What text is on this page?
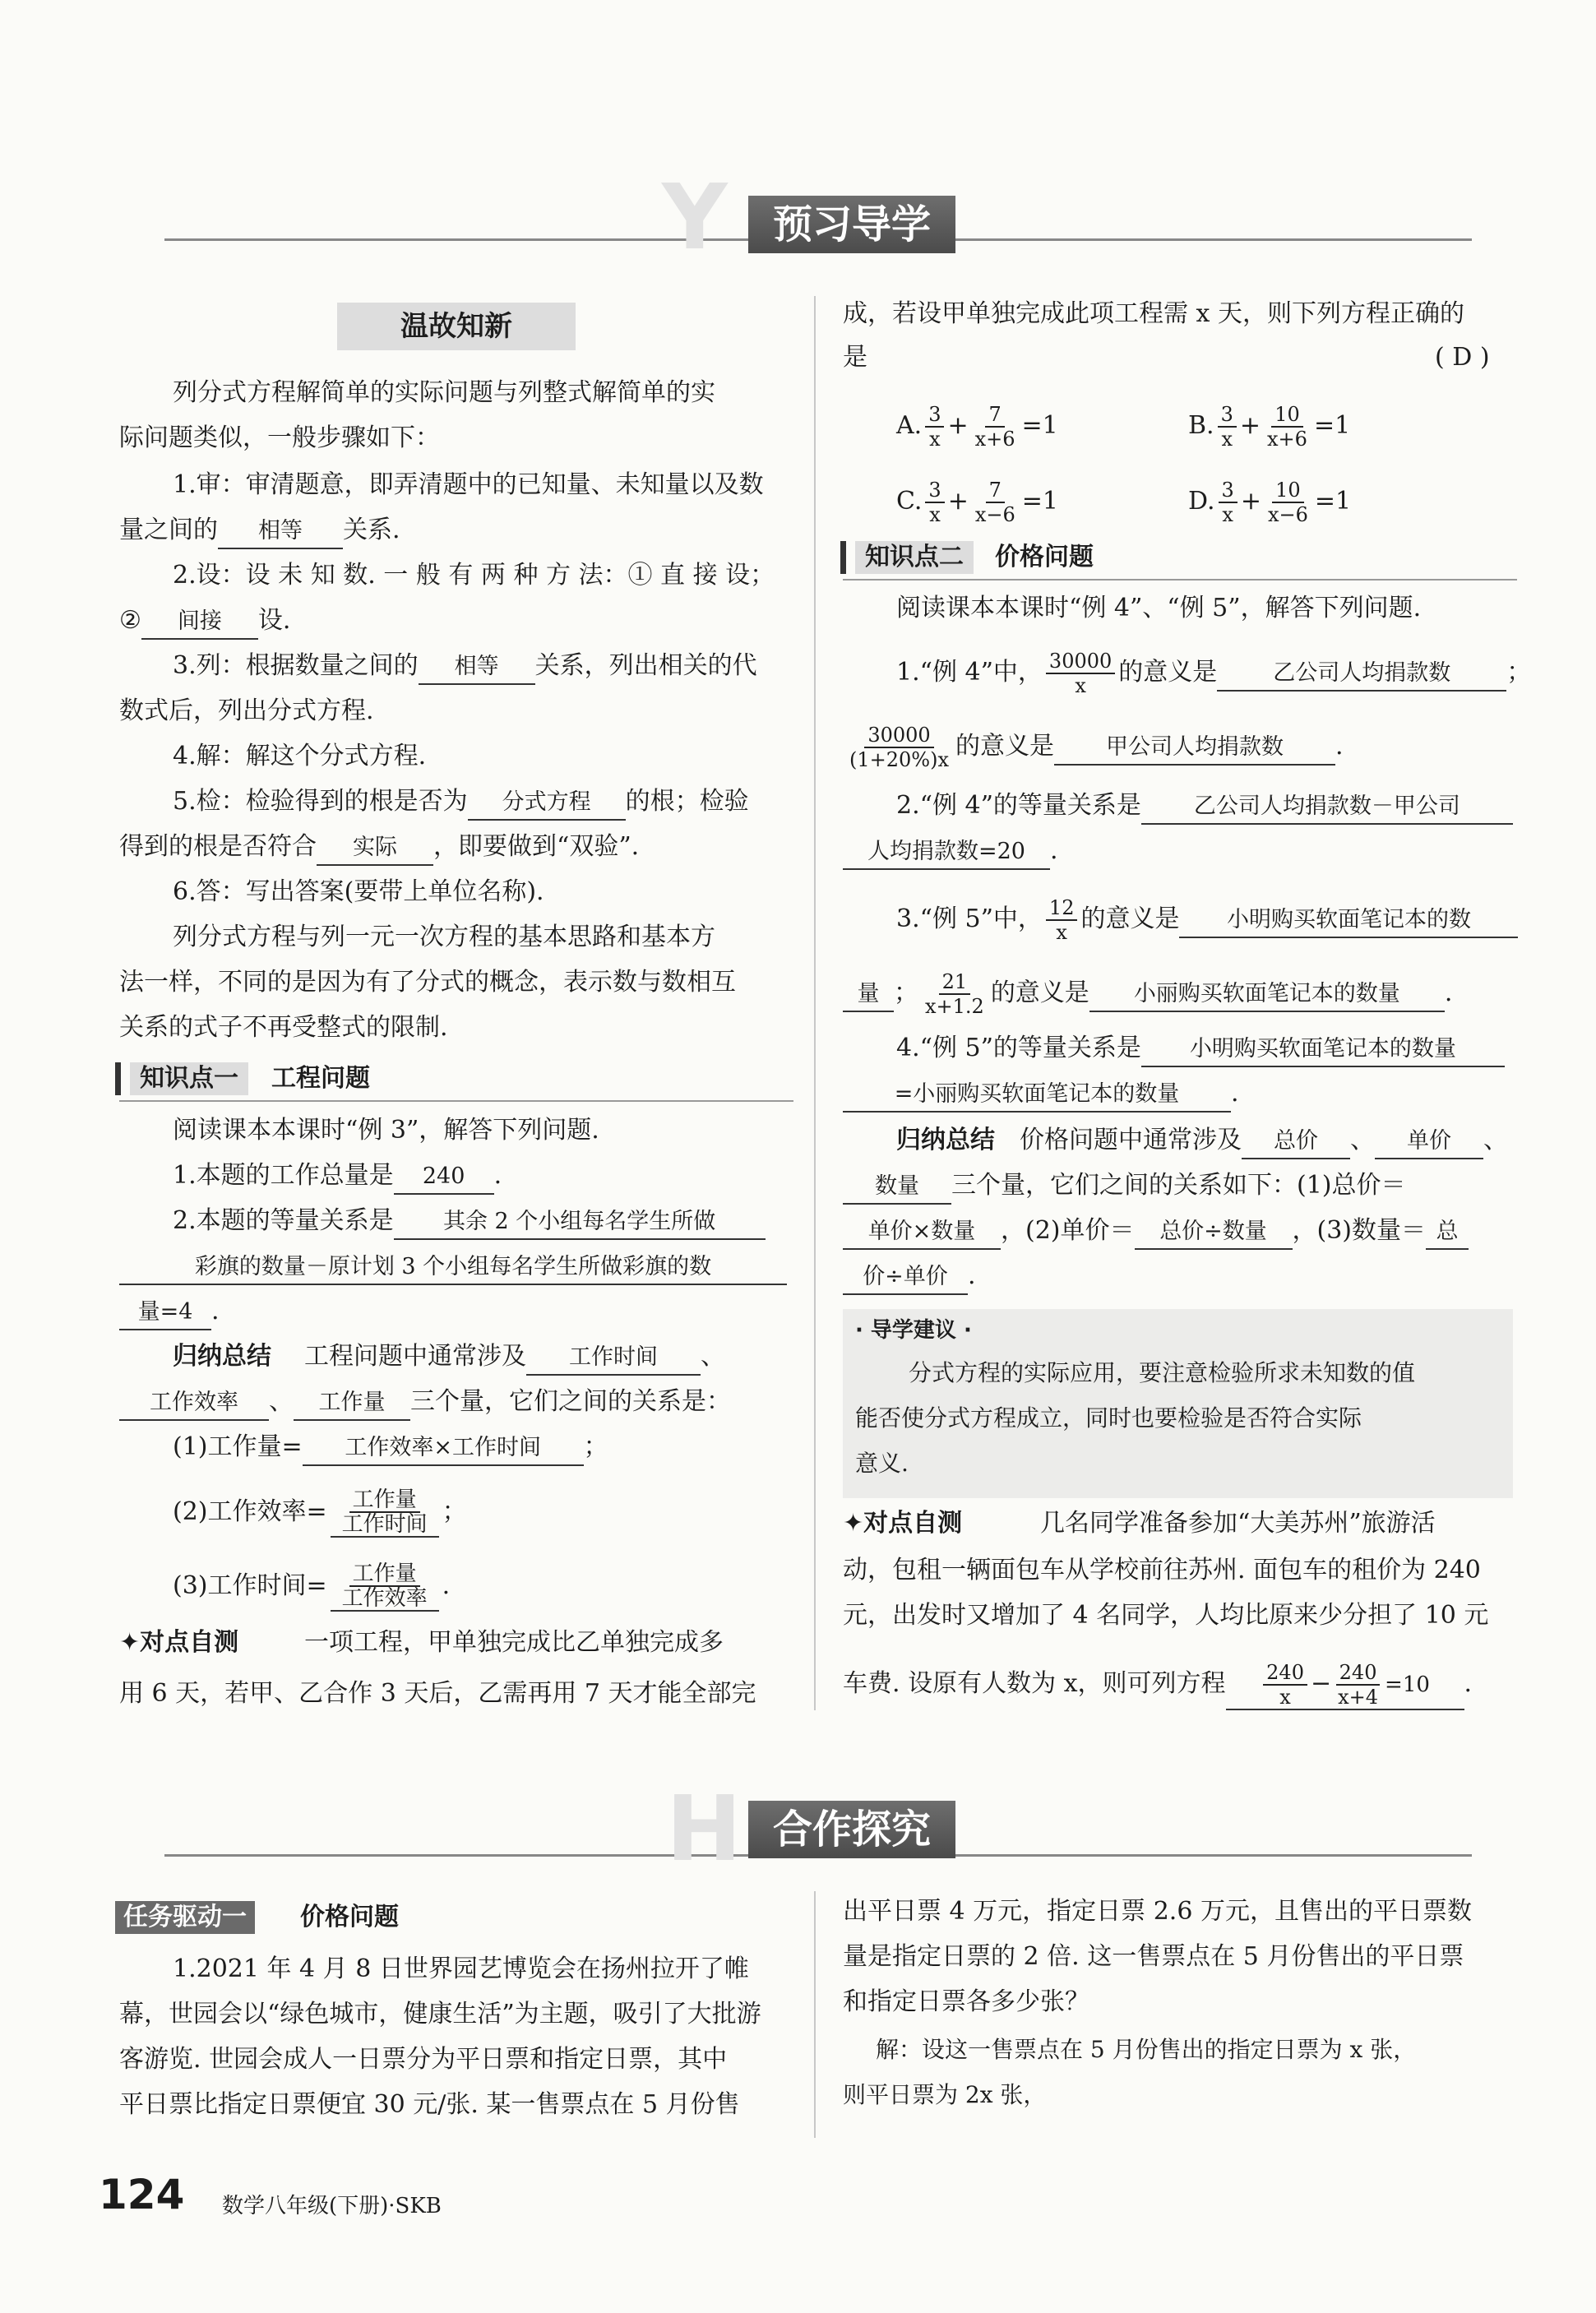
Y	预习导学
温故知新
列分式方程解简单的实际问题与列整式解简单的实
际问题类似，一般步骤如下：
1.审：审清题意，即弄清题中的已知量、未知量以及数
量之间的 相等 关系.
2.设：设 未 知 数. 一 般 有 两 种 方 法：① 直 接 设；
② 间接 设.
3.列：根据数量之间的 相等 关系，列出相关的代
数式后，列出分式方程.
4.解：解这个分式方程.
5.检：检验得到的根是否为 分式方程 的根；检验
得到的根是否符合 实际 ，即要做到“双验”.
6.答：写出答案(要带上单位名称).
列分式方程与列一元一次方程的基本思路和基本方
法一样，不同的是因为有了分式的概念，表示数与数相互
关系的式子不再受整式的限制.
知识点一	工程问题
阅读课本本课时“例 3”，解答下列问题.
1.本题的工作总量是 240 .
2.本题的等量关系是 其余 2 个小组每名学生所做
彩旗的数量－原计划 3 个小组每名学生所做彩旗的数
量=4 .
归纳总结 工程问题中通常涉及 工作时间 、
工作效率 、 工作量 三个量，它们之间的关系是：
(1)工作量= 工作效率×工作时间 ；
(2)工作效率= $\frac{\text{工作量}}{\text{工作时间}}$ ；
(3)工作时间= $\frac{\text{工作量}}{\text{工作效率}}$ .
✦对点自测	一项工程，甲单独完成比乙单独完成多
用 6 天，若甲、乙合作 3 天后，乙需再用 7 天才能全部完
成，若设甲单独完成此项工程需 x 天，则下列方程正确的
是	( D )
A. $\frac{3}{x} + \frac{7}{x+6} =1$	B. $\frac{3}{x} + \frac{10}{x+6} =1$
C. $\frac{3}{x} + \frac{7}{x-6} =1$	D. $\frac{3}{x} + \frac{10}{x-6} =1$
知识点二	价格问题
阅读课本本课时“例 4”、“例 5”，解答下列问题.
1.“例 4”中， $\frac{30000}{x}$ 的意义是	乙公司人均捐款数 ；
$\frac{30000}{(1+20\%)x}$ 的意义是 甲公司人均捐款数 .
2.“例 4”的等量关系是 乙公司人均捐款数－甲公司
人均捐款数=20 .
3.“例 5”中， $\frac{12}{x}$ 的意义是 小明购买软面笔记本的数
量 ； $\frac{21}{x+1.2}$ 的意义是 小丽购买软面笔记本的数量 .
4.“例 5”的等量关系是 小明购买软面笔记本的数量
=小丽购买软面笔记本的数量 .
归纳总结 价格问题中通常涉及 总价 、 单价 、
数量 三个量，它们之间的关系如下：(1)总价＝
单价×数量 ，(2)单价＝ 总价÷数量 ，(3)数量＝ 总
价÷单价 .
· 导学建议 ·
分式方程的实际应用，要注意检验所求未知数的值
能否使分式方程成立，同时也要检验是否符合实际
意义.
✦对点自测	几名同学准备参加“大美苏州”旅游活
动，包租一辆面包车从学校前往苏州. 面包车的租价为 240
元，出发时又增加了 4 名同学，人均比原来少分担了 10 元
车费. 设原有人数为 x，则可列方程 $\frac{240}{x} - \frac{240}{x+4} =10$ .
H 合作探究
任务驱动一	价格问题
1.2021 年 4 月 8 日世界园艺博览会在扬州拉开了帷
幕，世园会以“绿色城市，健康生活”为主题，吸引了大批游
客游览. 世园会成人一日票分为平日票和指定日票，其中
平日票比指定日票便宜 30 元/张. 某一售票点在 5 月份售
出平日票 4 万元，指定日票 2.6 万元，且售出的平日票数
量是指定日票的 2 倍. 这一售票点在 5 月份售出的平日票
和指定日票各多少张？
解：设这一售票点在 5 月份售出的指定日票为 x 张，
则平日票为 2x 张，
124 数学八年级(下册)·SKB
